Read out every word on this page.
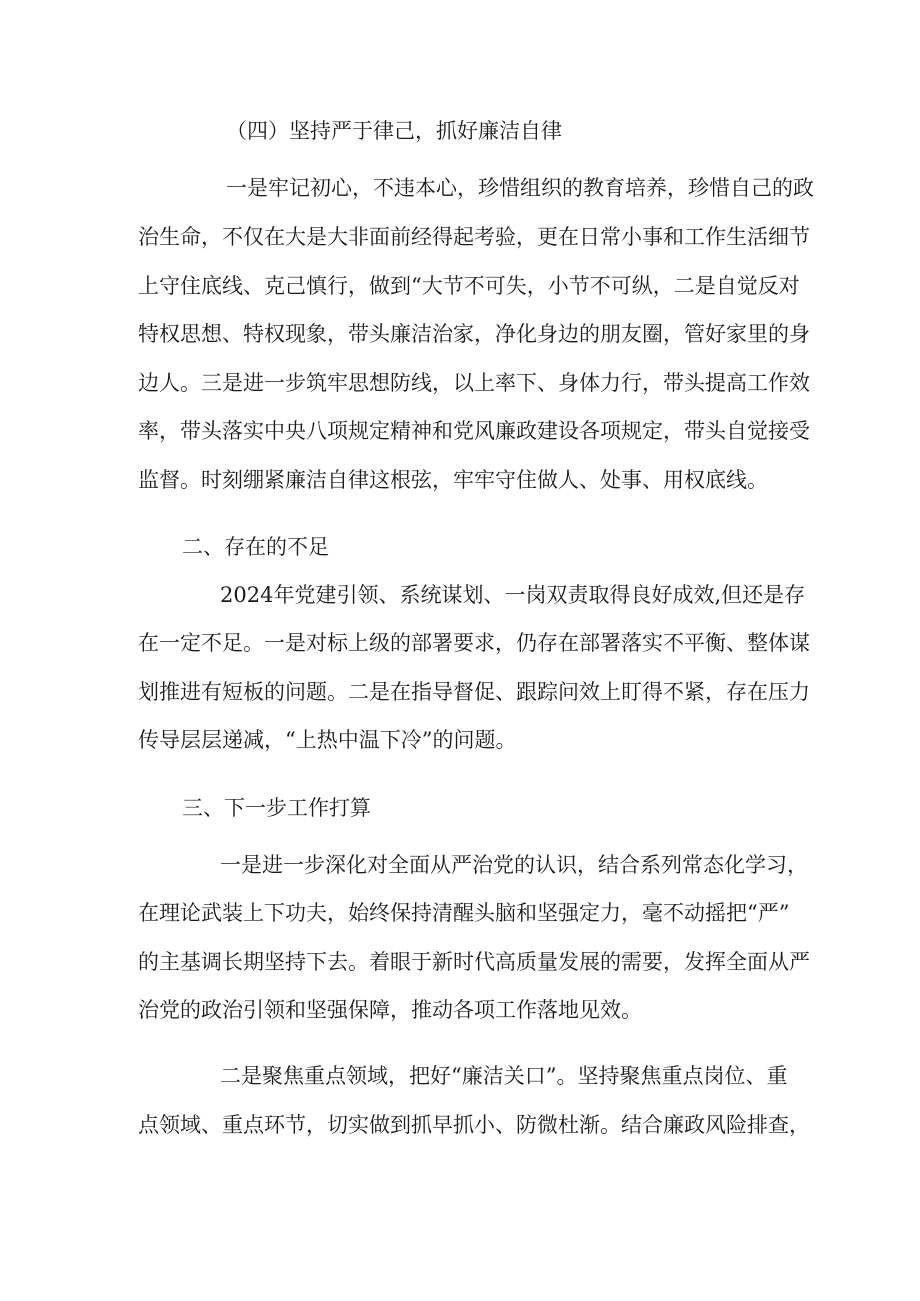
（四）坚持严于律己，抓好廉洁自律
一是牢记初心，不违本心，珍惜组织的教育培养，珍惜自己的政
治生命，不仅在大是大非面前经得起考验，更在日常小事和工作生活细节
上守住底线、克己慎行，做到“大节不可失，小节不可纵，二是自觉反对
特权思想、特权现象，带头廉洁治家，净化身边的朋友圈，管好家里的身
边人。三是进一步筑牢思想防线，以上率下、身体力行，带头提高工作效
率，带头落实中央八项规定精神和党风廉政建设各项规定，带头自觉接受
监督。时刻绷紧廉洁自律这根弦，牢牢守住做人、处事、用权底线。
二、存在的不足
2024年党建引领、系统谋划、一岗双责取得良好成效,但还是存
在一定不足。一是对标上级的部署要求，仍存在部署落实不平衡、整体谋
划推进有短板的问题。二是在指导督促、跟踪问效上盯得不紧，存在压力
传导层层递减，“上热中温下冷”的问题。
三、下一步工作打算
一是进一步深化对全面从严治党的认识，结合系列常态化学习，
在理论武装上下功夫，始终保持清醒头脑和坚强定力，毫不动摇把“严”
的主基调长期坚持下去。着眼于新时代高质量发展的需要，发挥全面从严
治党的政治引领和坚强保障，推动各项工作落地见效。
二是聚焦重点领域，把好“廉洁关口”。坚持聚焦重点岗位、重
点领域、重点环节，切实做到抓早抓小、防微杜渐。结合廉政风险排查，
